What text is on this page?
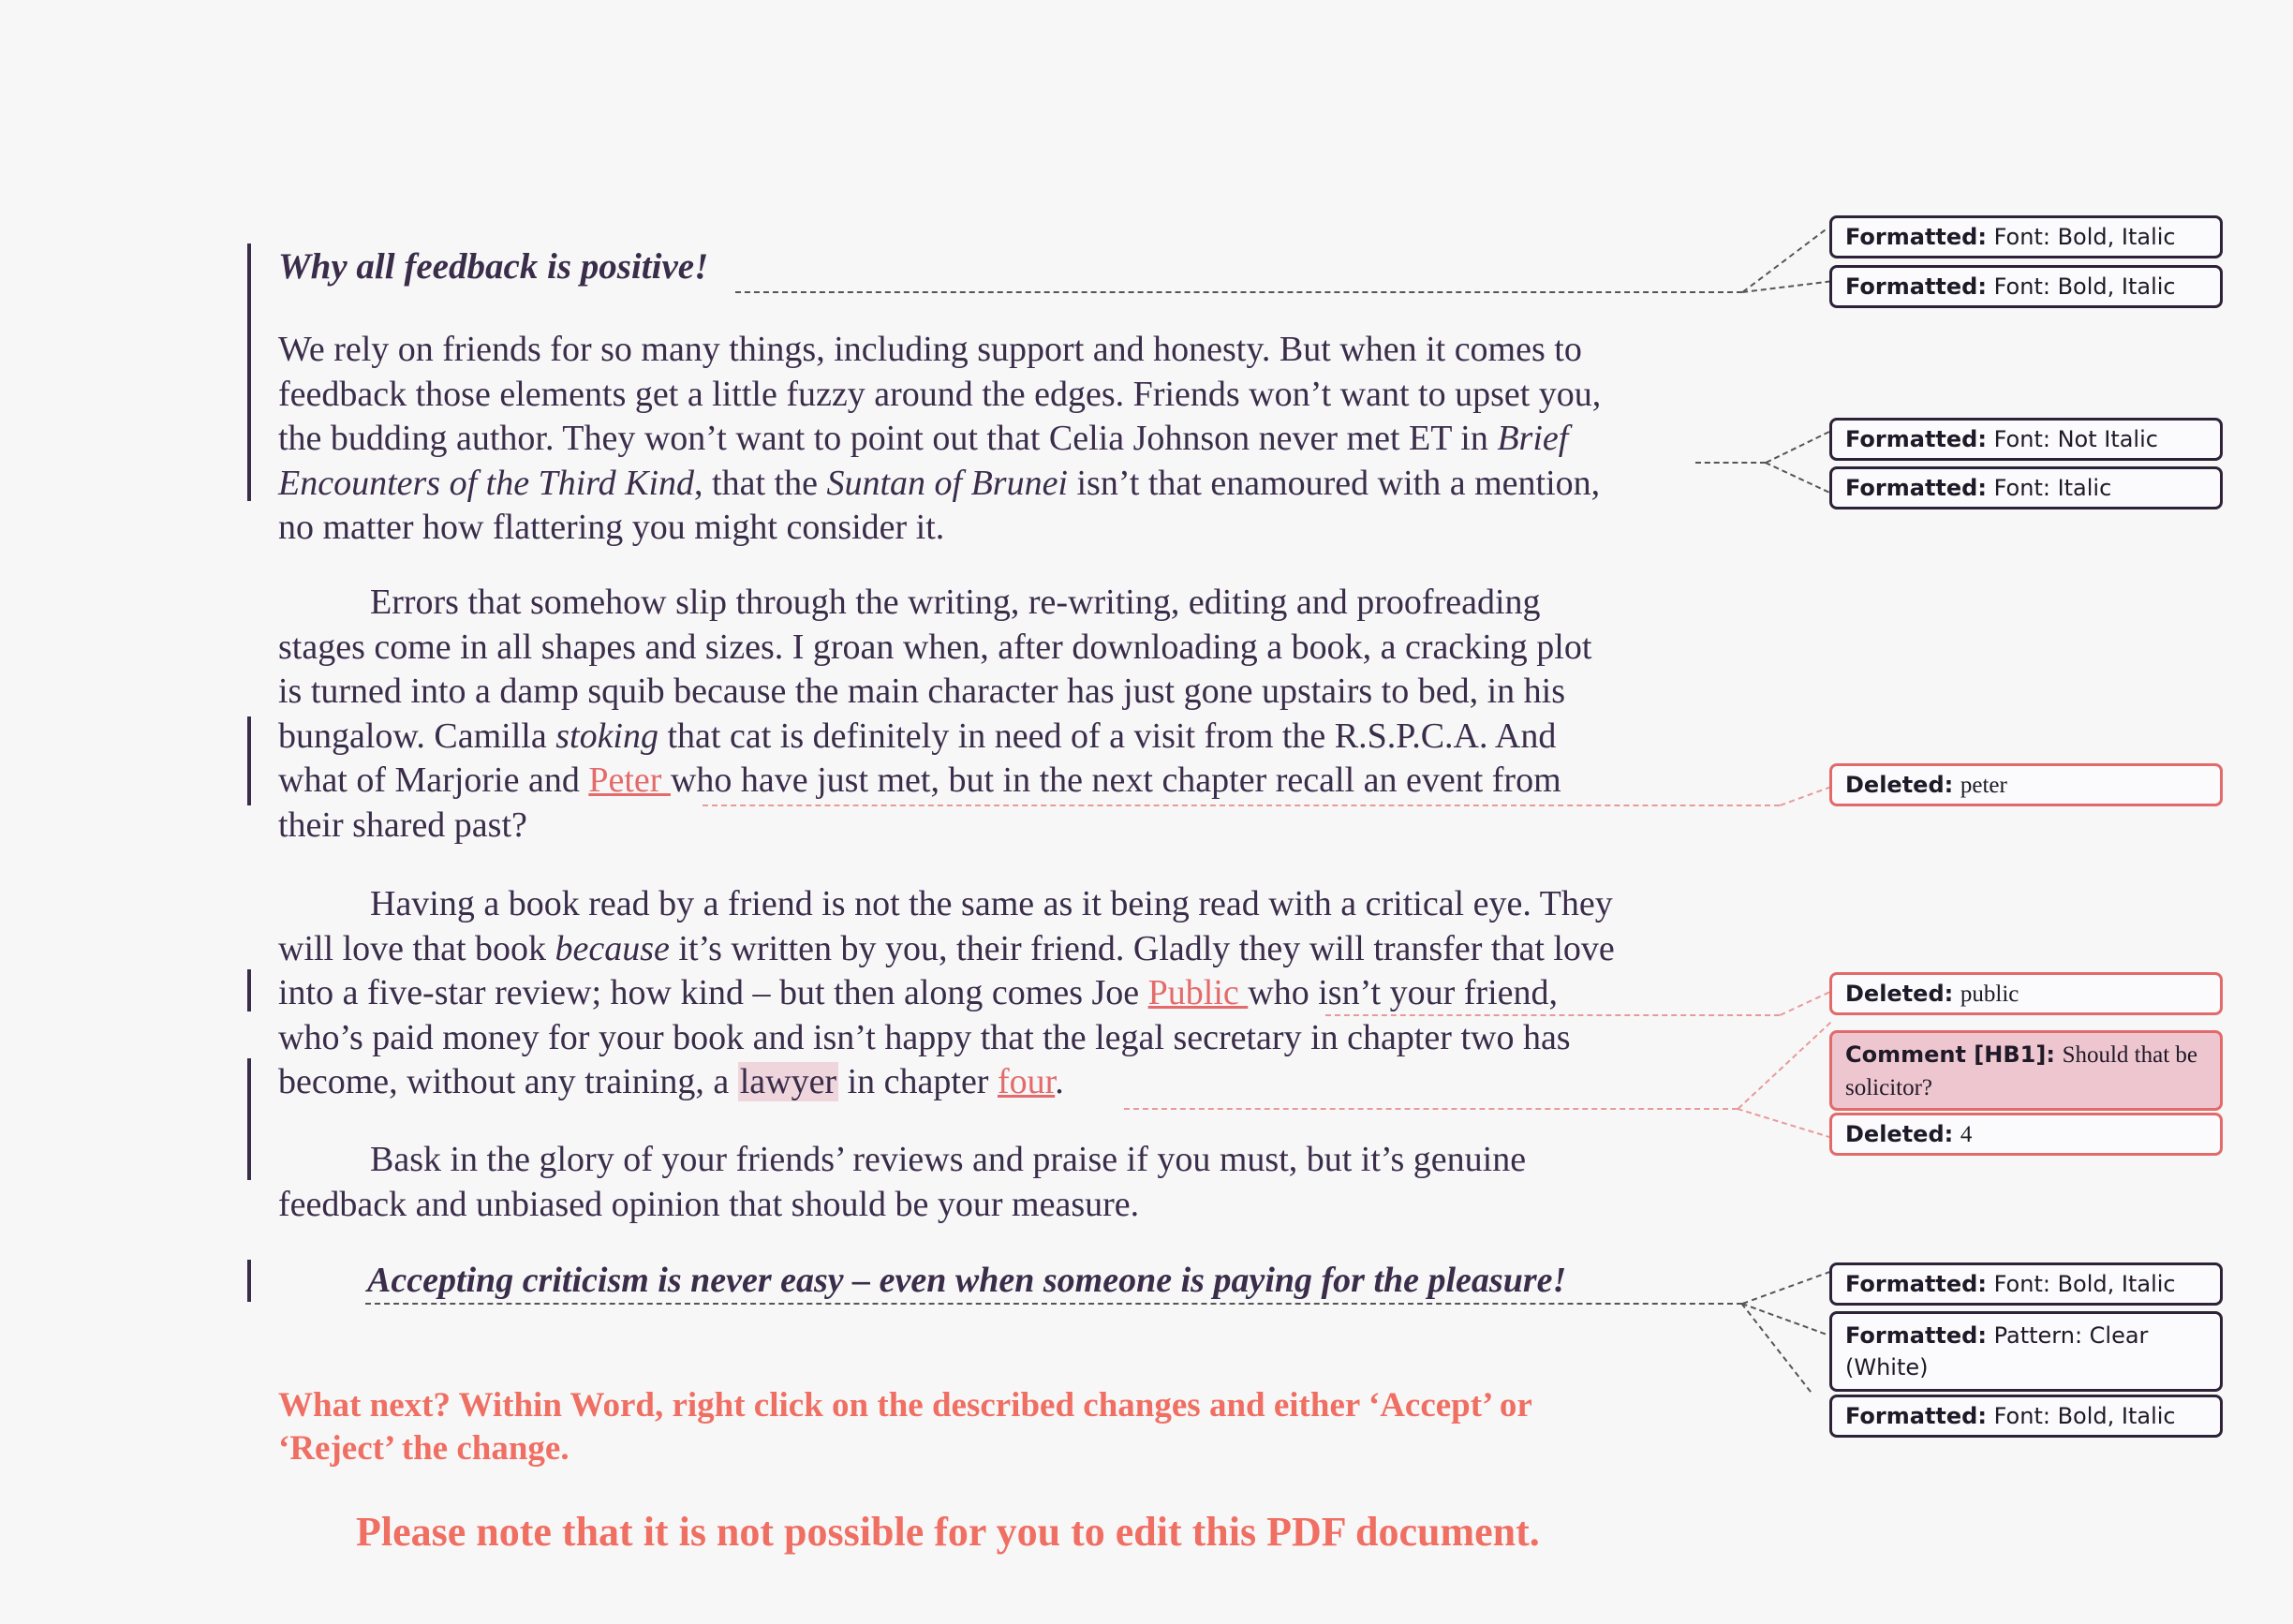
Why all feedback is positive!
We rely on friends for so many things, including support and honesty. But when it comes to
feedback those elements get a little fuzzy around the edges. Friends won’t want to upset you,
the budding author. They won’t want to point out that Celia Johnson never met ET in Brief
Encounters of the Third Kind, that the Suntan of Brunei isn’t that enamoured with a mention,
no matter how flattering you might consider it.
Errors that somehow slip through the writing, re-writing, editing and proofreading
stages come in all shapes and sizes. I groan when, after downloading a book, a cracking plot
is turned into a damp squib because the main character has just gone upstairs to bed, in his
bungalow. Camilla stoking that cat is definitely in need of a visit from the R.S.P.C.A. And
what of Marjorie and Peter who have just met, but in the next chapter recall an event from
their shared past?
Having a book read by a friend is not the same as it being read with a critical eye. They
will love that book because it’s written by you, their friend. Gladly they will transfer that love
into a five-star review; how kind – but then along comes Joe Public who isn’t your friend,
who’s paid money for your book and isn’t happy that the legal secretary in chapter two has
become, without any training, a lawyer in chapter four.
Bask in the glory of your friends’ reviews and praise if you must, but it’s genuine
feedback and unbiased opinion that should be your measure.
Accepting criticism is never easy – even when someone is paying for the pleasure!
What next? Within Word, right click on the described changes and either ‘Accept’ or
‘Reject’ the change.
Please note that it is not possible for you to edit this PDF document.
Formatted: Font: Bold, Italic
Formatted: Font: Bold, Italic
Formatted: Font: Not Italic
Formatted: Font: Italic
Deleted: peter
Deleted: public
Comment [HB1]: Should that be solicitor?
Deleted: 4
Formatted: Font: Bold, Italic
Formatted: Pattern: Clear (White)
Formatted: Font: Bold, Italic
